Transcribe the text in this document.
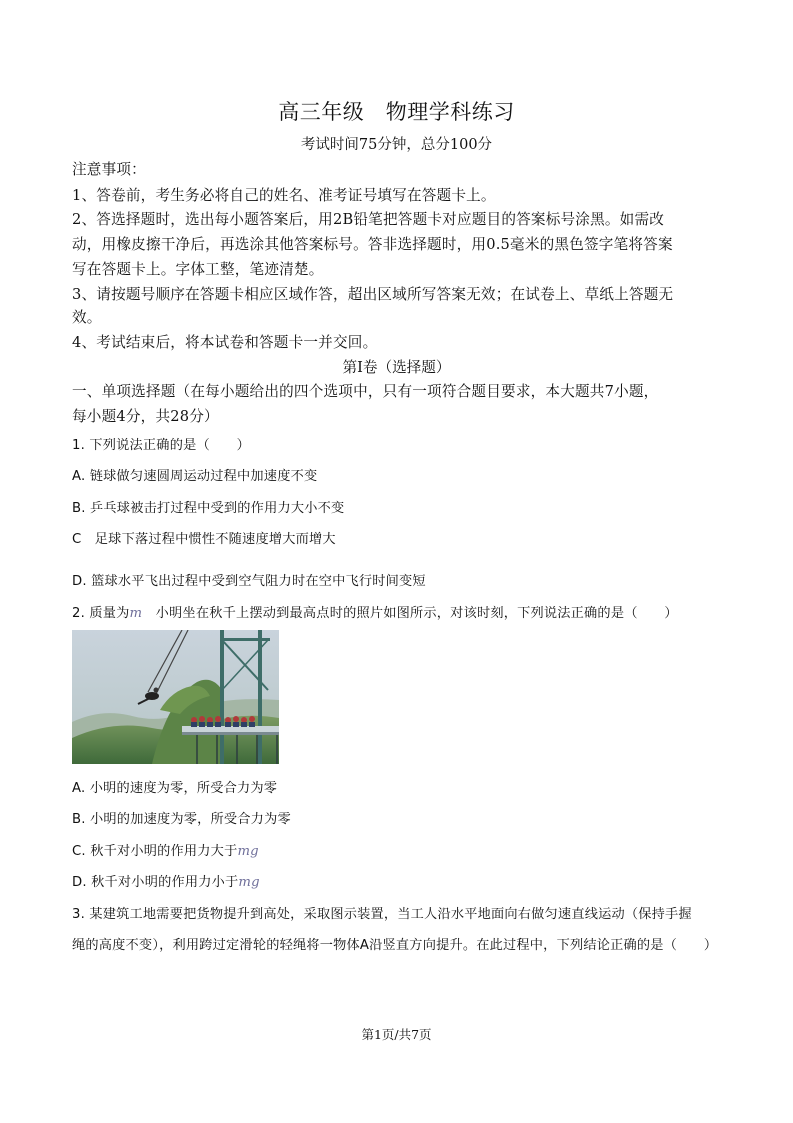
高三年级　物理学科练习
考试时间75分钟，总分100分
注意事项：
1、答卷前，考生务必将自己的姓名、准考证号填写在答题卡上。
2、答选择题时，选出每小题答案后，用2B铅笔把答题卡对应题目的答案标号涂黑。如需改
动，用橡皮擦干净后，再选涂其他答案标号。答非选择题时，用0.5毫米的黑色签字笔将答案
写在答题卡上。字体工整，笔迹清楚。
3、请按题号顺序在答题卡相应区域作答，超出区域所写答案无效；在试卷上、草纸上答题无
效。
4、考试结束后，将本试卷和答题卡一并交回。
第Ⅰ卷（选择题）
一、单项选择题（在每小题给出的四个选项中，只有一项符合题目要求，本大题共7小题，
每小题4分，共28分）
1. 下列说法正确的是（　　）
A. 链球做匀速圆周运动过程中加速度不变
B. 乒乓球被击打过程中受到的作用力大小不变
C　足球下落过程中惯性不随速度增大而增大
D. 篮球水平飞出过程中受到空气阻力时在空中飞行时间变短
2. 质量为m　小明坐在秋千上摆动到最高点时的照片如图所示，对该时刻，下列说法正确的是（　　）
A. 小明的速度为零，所受合力为零
B. 小明的加速度为零，所受合力为零
C. 秋千对小明的作用力大于mg
D. 秋千对小明的作用力小于mg
3. 某建筑工地需要把货物提升到高处，采取图示装置，当工人沿水平地面向右做匀速直线运动（保持手握
绳的高度不变），利用跨过定滑轮的轻绳将一物体A沿竖直方向提升。在此过程中，下列结论正确的是（　　）
第1页/共7页
